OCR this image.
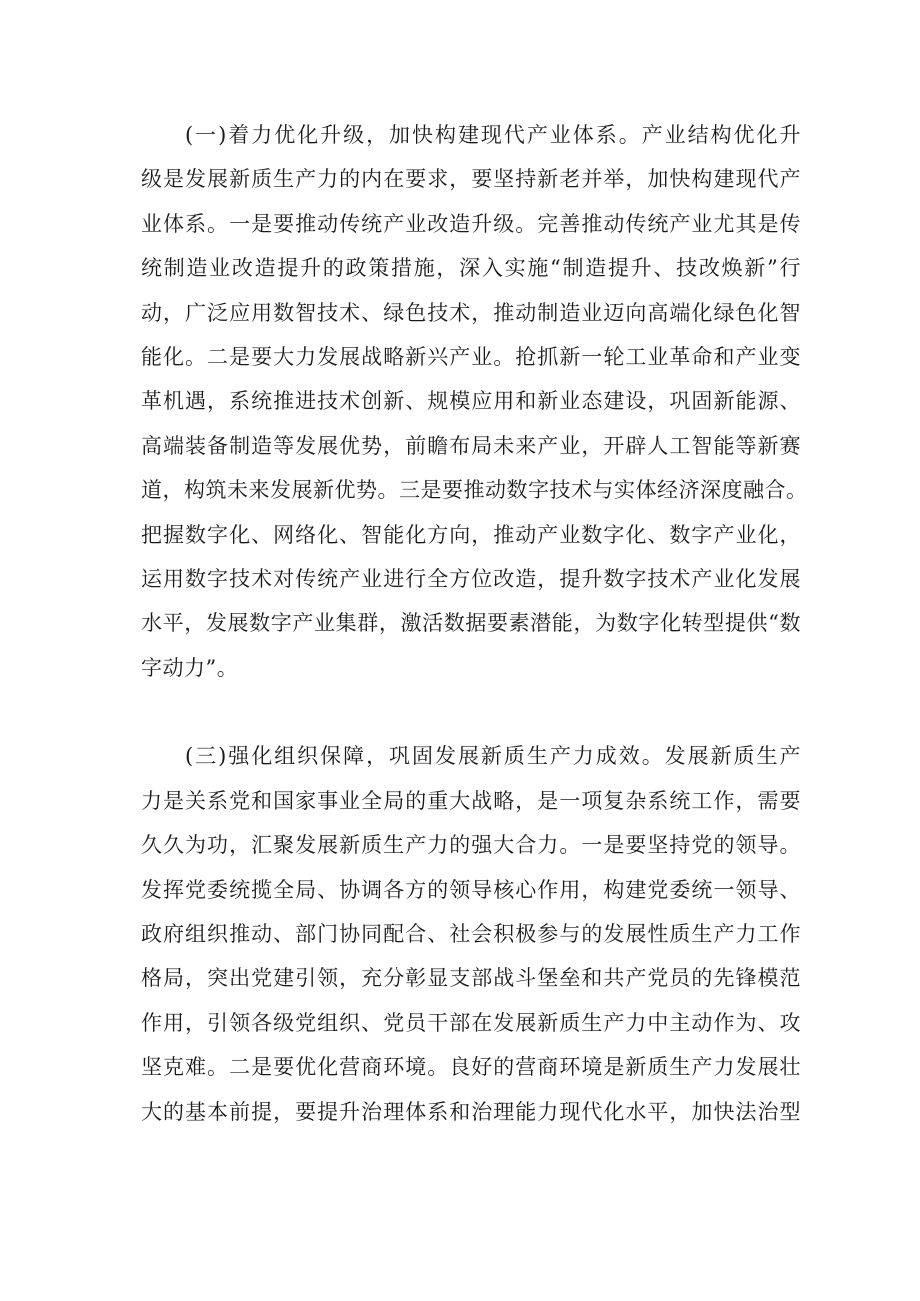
(一)着力优化升级，加快构建现代产业体系。产业结构优化升
级是发展新质生产力的内在要求，要坚持新老并举，加快构建现代产
业体系。一是要推动传统产业改造升级。完善推动传统产业尤其是传
统制造业改造提升的政策措施，深入实施“制造提升、技改焕新”行
动，广泛应用数智技术、绿色技术，推动制造业迈向高端化绿色化智
能化。二是要大力发展战略新兴产业。抢抓新一轮工业革命和产业变
革机遇，系统推进技术创新、规模应用和新业态建设，巩固新能源、
高端装备制造等发展优势，前瞻布局未来产业，开辟人工智能等新赛
道，构筑未来发展新优势。三是要推动数字技术与实体经济深度融合。
把握数字化、网络化、智能化方向，推动产业数字化、数字产业化，
运用数字技术对传统产业进行全方位改造，提升数字技术产业化发展
水平，发展数字产业集群，激活数据要素潜能，为数字化转型提供“数
字动力”。
(三)强化组织保障，巩固发展新质生产力成效。发展新质生产
力是关系党和国家事业全局的重大战略，是一项复杂系统工作，需要
久久为功，汇聚发展新质生产力的强大合力。一是要坚持党的领导。
发挥党委统揽全局、协调各方的领导核心作用，构建党委统一领导、
政府组织推动、部门协同配合、社会积极参与的发展性质生产力工作
格局，突出党建引领，充分彰显支部战斗堡垒和共产党员的先锋模范
作用，引领各级党组织、党员干部在发展新质生产力中主动作为、攻
坚克难。二是要优化营商环境。良好的营商环境是新质生产力发展壮
大的基本前提，要提升治理体系和治理能力现代化水平，加快法治型
